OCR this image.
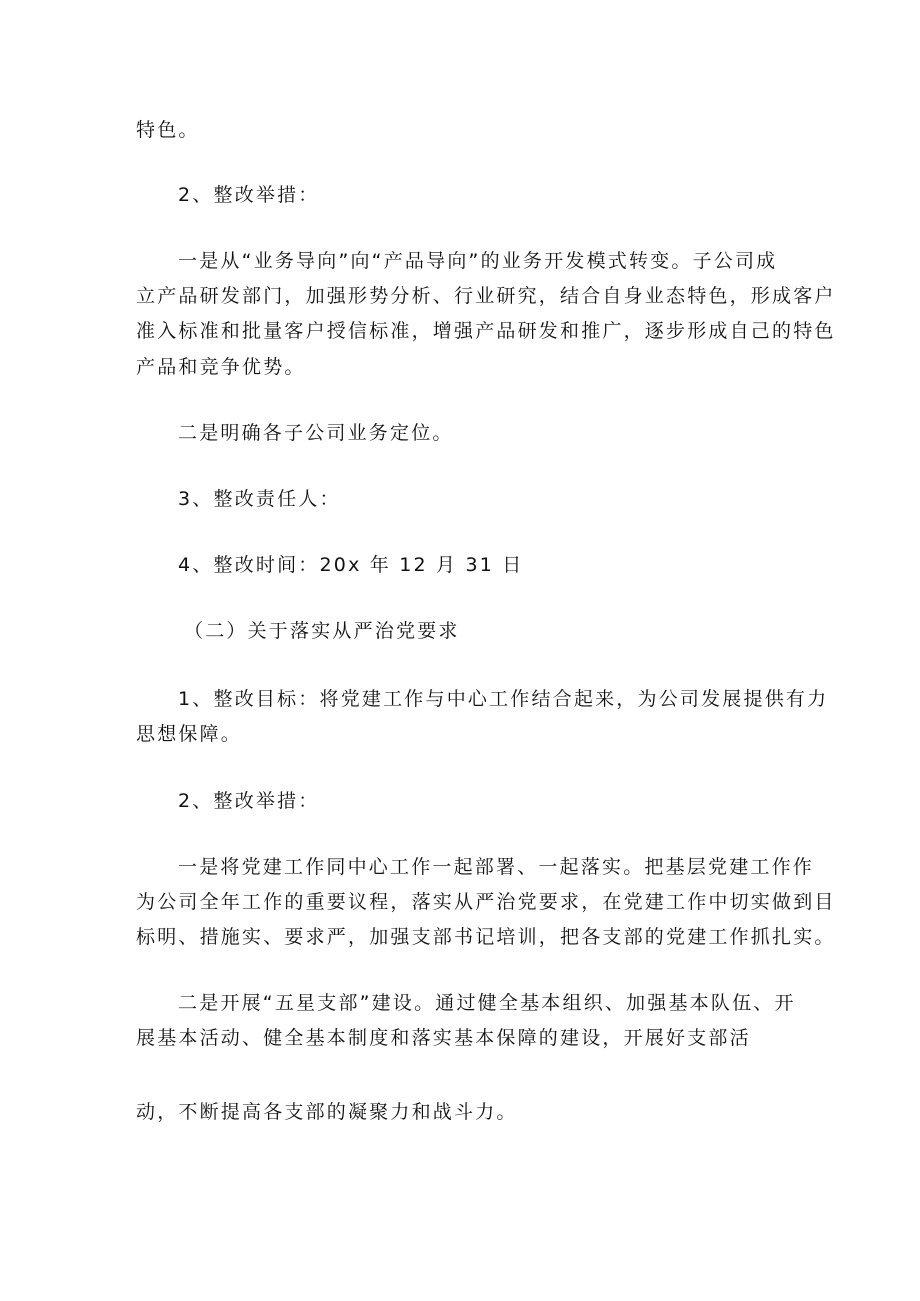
特色。
2、整改举措：
一是从“业务导向”向“产品导向”的业务开发模式转变。子公司成
立产品研发部门，加强形势分析、行业研究，结合自身业态特色，形成客户
准入标准和批量客户授信标准，增强产品研发和推广，逐步形成自己的特色
产品和竞争优势。
二是明确各子公司业务定位。
3、整改责任人：
4、整改时间：20x 年 12 月 31 日
（二）关于落实从严治党要求
1、整改目标：将党建工作与中心工作结合起来，为公司发展提供有力
思想保障。
2、整改举措：
一是将党建工作同中心工作一起部署、一起落实。把基层党建工作作
为公司全年工作的重要议程，落实从严治党要求，在党建工作中切实做到目
标明、措施实、要求严，加强支部书记培训，把各支部的党建工作抓扎实。
二是开展“五星支部”建设。通过健全基本组织、加强基本队伍、开
展基本活动、健全基本制度和落实基本保障的建设，开展好支部活
动，不断提高各支部的凝聚力和战斗力。
